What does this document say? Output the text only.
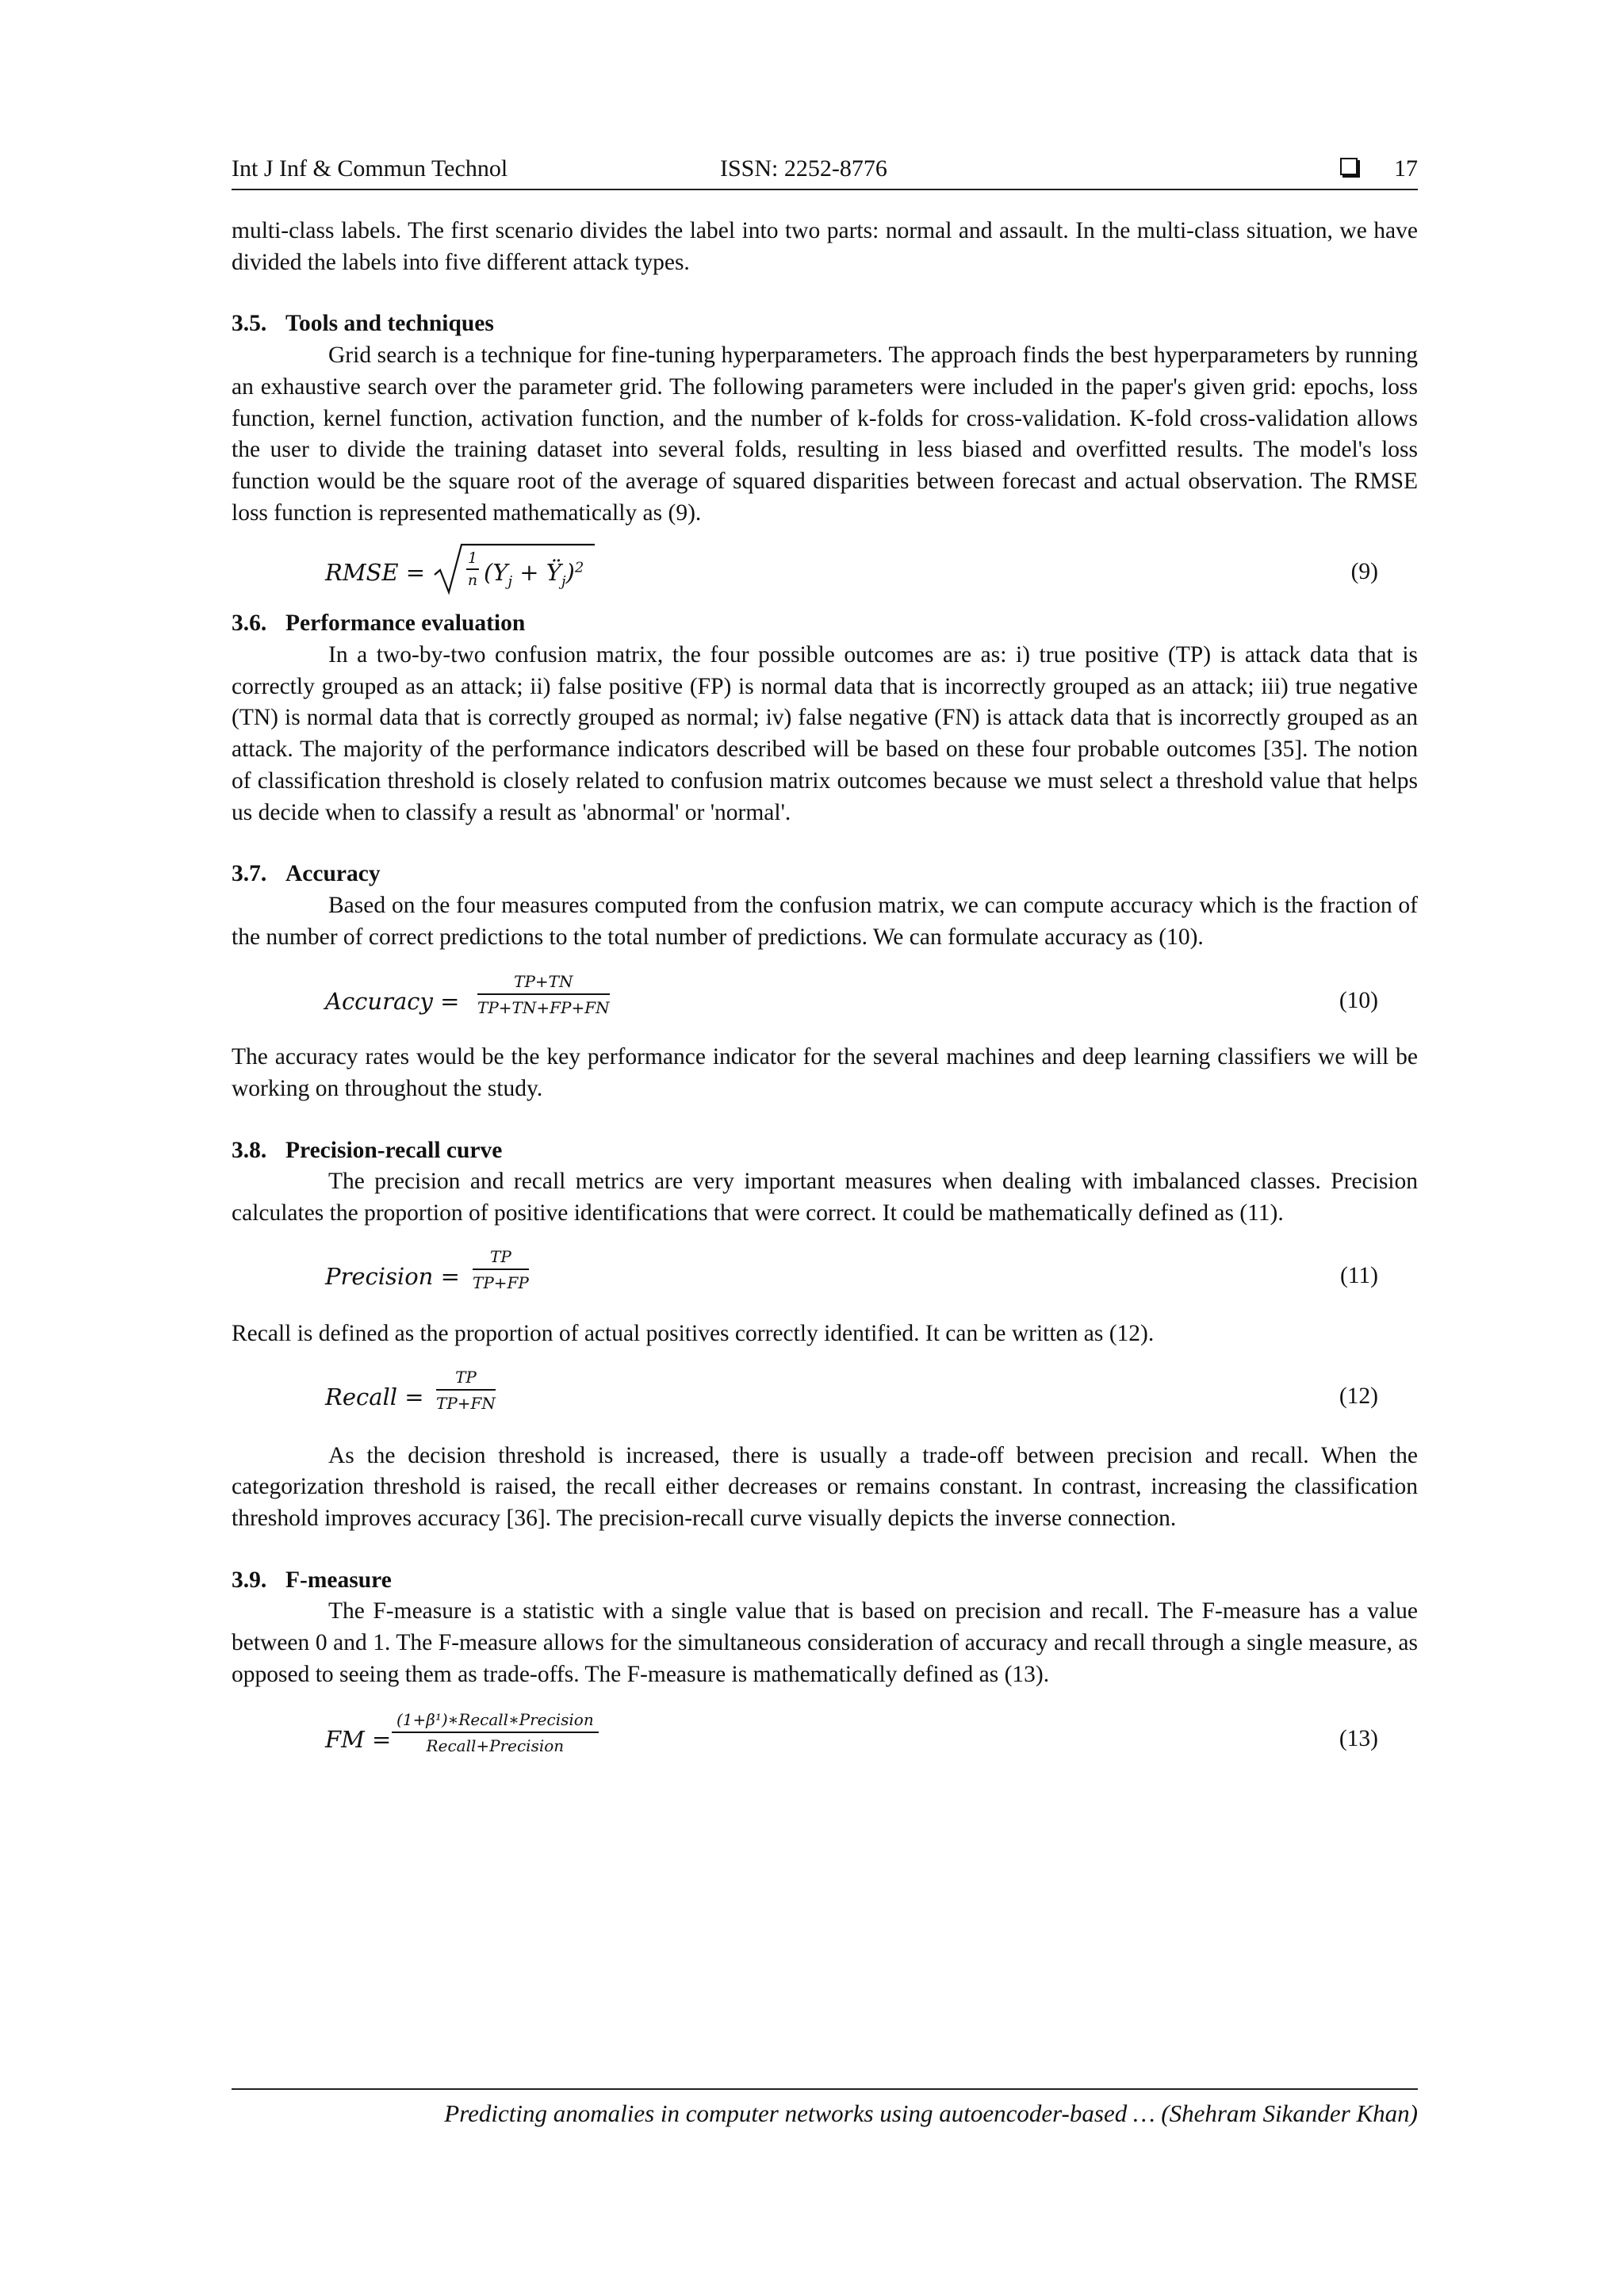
Int J Inf & Commun Technol	ISSN: 2252-8776	17

multi-class labels. The first scenario divides the label into two parts: normal and assault. In the multi-class situation, we have divided the labels into five different attack types.

3.5. Tools and techniques

Grid search is a technique for fine-tuning hyperparameters. The approach finds the best hyperparameters by running an exhaustive search over the parameter grid. The following parameters were included in the paper's given grid: epochs, loss function, kernel function, activation function, and the number of k-folds for cross-validation. K-fold cross-validation allows the user to divide the training dataset into several folds, resulting in less biased and overfitted results. The model's loss function would be the square root of the average of squared disparities between forecast and actual observation. The RMSE loss function is represented mathematically as (9).

RMSE =	$\frac{1}{n} (Y_j$ + $Ÿ_j)^2$	(9)
3.6. Performance evaluation

In a two-by-two confusion matrix, the four possible outcomes are as: i) true positive (TP) is attack data that is correctly grouped as an attack; ii) false positive (FP) is normal data that is incorrectly grouped as an attack; iii) true negative (TN) is normal data that is correctly grouped as normal; iv) false negative (FN) is attack data that is incorrectly grouped as an attack. The majority of the performance indicators described will be based on these four probable outcomes [35]. The notion of classification threshold is closely related to confusion matrix outcomes because we must select a threshold value that helps us decide when to classify a result as 'abnormal' or 'normal'.

3.7. Accuracy

Based on the four measures computed from the confusion matrix, we can compute accuracy which is the fraction of the number of correct predictions to the total number of predictions. We can formulate accuracy as (10).

Accuracy = $\frac{TP+TN}{TP+TN+FP+FN}$	(10)

The accuracy rates would be the key performance indicator for the several machines and deep learning classifiers we will be working on throughout the study.

3.8. Precision-recall curve

The precision and recall metrics are very important measures when dealing with imbalanced classes. Precision calculates the proportion of positive identifications that were correct. It could be mathematically defined as (11).

Precision = $\frac{TP}{TP+FP}$	(11)

Recall is defined as the proportion of actual positives correctly identified. It can be written as (12).

Recall = $\frac{TP}{TP+FN}$	(12)

As the decision threshold is increased, there is usually a trade-off between precision and recall. When the categorization threshold is raised, the recall either decreases or remains constant. In contrast, increasing the classification threshold improves accuracy [36]. The precision-recall curve visually depicts the inverse connection.

3.9. F-measure

The F-measure is a statistic with a single value that is based on precision and recall. The F-measure has a value between 0 and 1. The F-measure allows for the simultaneous consideration of accuracy and recall through a single measure, as opposed to seeing them as trade-offs. The F-measure is mathematically defined as (13).

FM =
(1+β¹)∗Recall∗Precision
Recall+Precision	(13)
Predicting anomalies in computer networks using autoencoder-based … (Shehram Sikander Khan)
